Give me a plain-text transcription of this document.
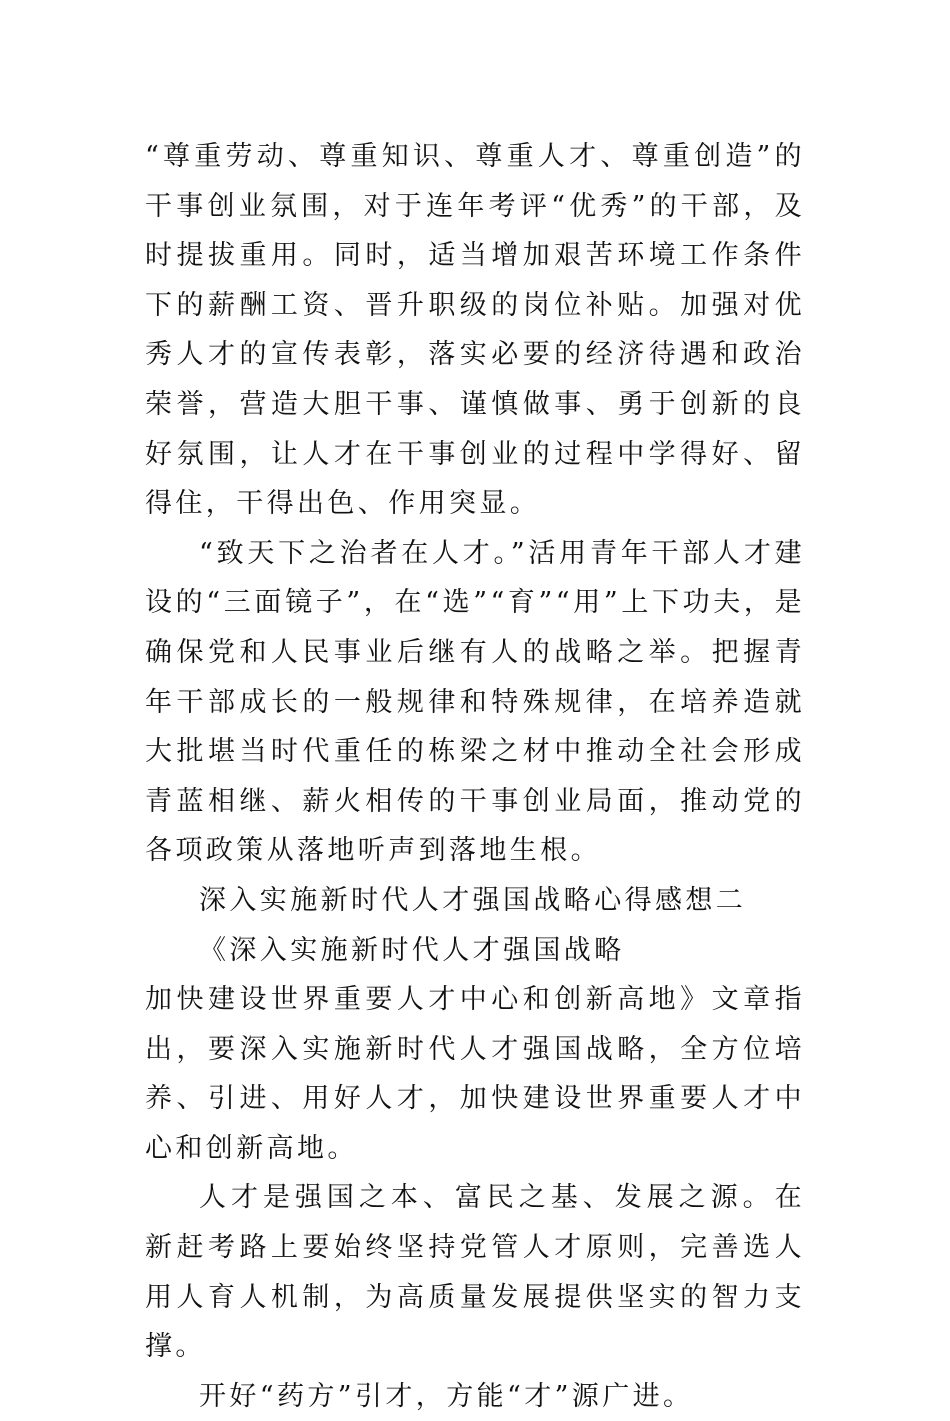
“尊重劳动、尊重知识、尊重人才、尊重创造”的干事创业氛围，对于连年考评“优秀”的干部，及时提拔重用。同时，适当增加艰苦环境工作条件下的薪酬工资、晋升职级的岗位补贴。加强对优秀人才的宣传表彰，落实必要的经济待遇和政治荣誉，营造大胆干事、谨慎做事、勇于创新的良好氛围，让人才在干事创业的过程中学得好、留得住，干得出色、作用突显。

“致天下之治者在人才。”活用青年干部人才建设的“三面镜子”，在“选”“育”“用”上下功夫，是确保党和人民事业后继有人的战略之举。把握青年干部成长的一般规律和特殊规律，在培养造就大批堪当时代重任的栋梁之材中推动全社会形成青蓝相继、薪火相传的干事创业局面，推动党的各项政策从落地听声到落地生根。

深入实施新时代人才强国战略心得感想二

《深入实施新时代人才强国战略

加快建设世界重要人才中心和创新高地》文章指出，要深入实施新时代人才强国战略，全方位培养、引进、用好人才，加快建设世界重要人才中心和创新高地。

人才是强国之本、富民之基、发展之源。在新赶考路上要始终坚持党管人才原则，完善选人用人育人机制，为高质量发展提供坚实的智力支撑。

开好“药方”引才，方能“才”源广进。
